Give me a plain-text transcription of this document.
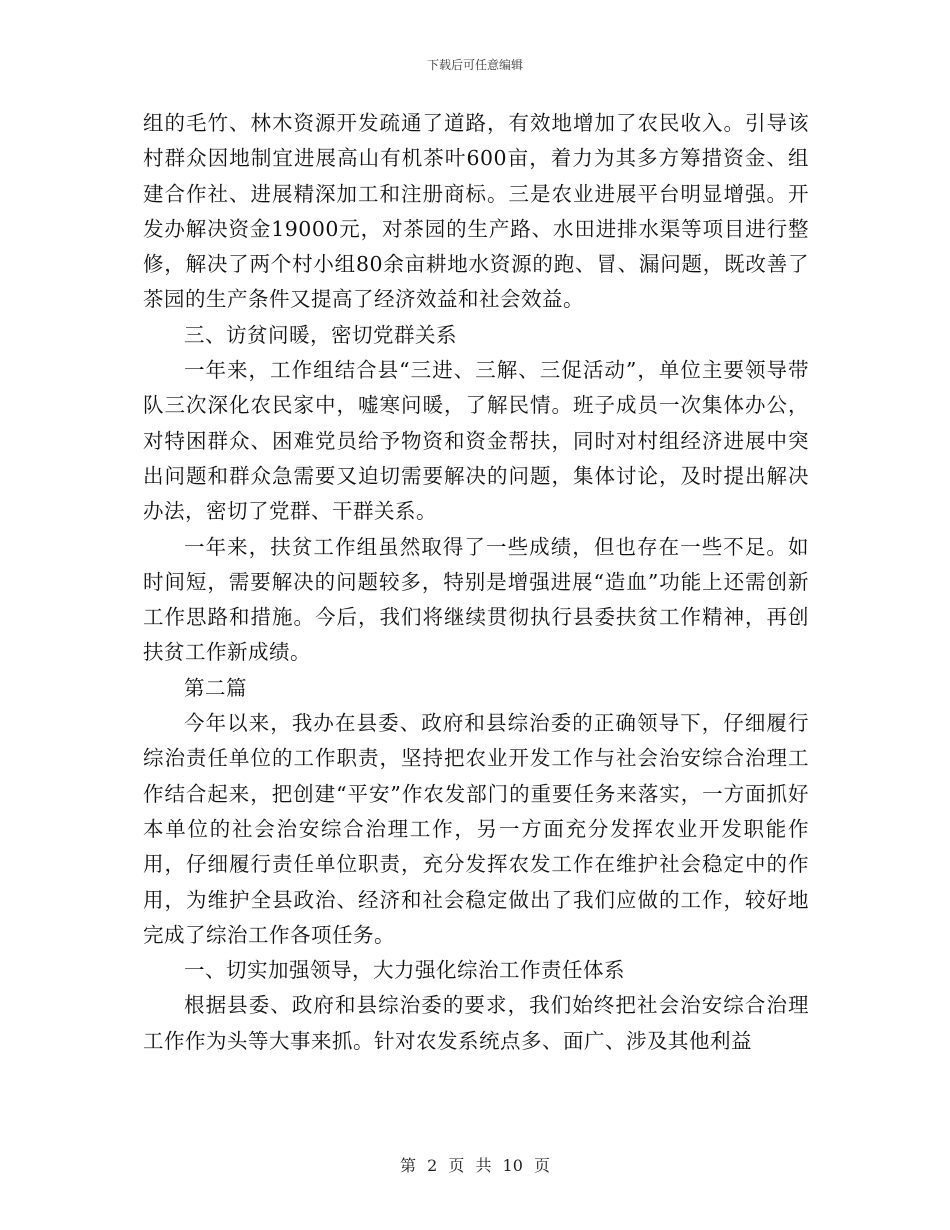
下载后可任意编辑

组的毛竹、林木资源开发疏通了道路，有效地增加了农民收入。引导该村群众因地制宜进展高山有机茶叶600亩，着力为其多方筹措资金、组建合作社、进展精深加工和注册商标。三是农业进展平台明显增强。开发办解决资金19000元，对茶园的生产路、水田进排水渠等项目进行整修，解决了两个村小组80余亩耕地水资源的跑、冒、漏问题，既改善了茶园的生产条件又提高了经济效益和社会效益。

三、访贫问暖，密切党群关系

一年来，工作组结合县“三进、三解、三促活动”，单位主要领导带队三次深化农民家中，嘘寒问暖，了解民情。班子成员一次集体办公，对特困群众、困难党员给予物资和资金帮扶，同时对村组经济进展中突出问题和群众急需要又迫切需要解决的问题，集体讨论，及时提出解决办法，密切了党群、干群关系。

一年来，扶贫工作组虽然取得了一些成绩，但也存在一些不足。如时间短，需要解决的问题较多，特别是增强进展“造血”功能上还需创新工作思路和措施。今后，我们将继续贯彻执行县委扶贫工作精神，再创扶贫工作新成绩。

第二篇

今年以来，我办在县委、政府和县综治委的正确领导下，仔细履行综治责任单位的工作职责，坚持把农业开发工作与社会治安综合治理工作结合起来，把创建“平安”作农发部门的重要任务来落实，一方面抓好本单位的社会治安综合治理工作，另一方面充分发挥农业开发职能作用，仔细履行责任单位职责，充分发挥农发工作在维护社会稳定中的作用，为维护全县政治、经济和社会稳定做出了我们应做的工作，较好地完成了综治工作各项任务。

一、切实加强领导，大力强化综治工作责任体系

根据县委、政府和县综治委的要求，我们始终把社会治安综合治理工作作为头等大事来抓。针对农发系统点多、面广、涉及其他利益

第 2 页 共 10 页
